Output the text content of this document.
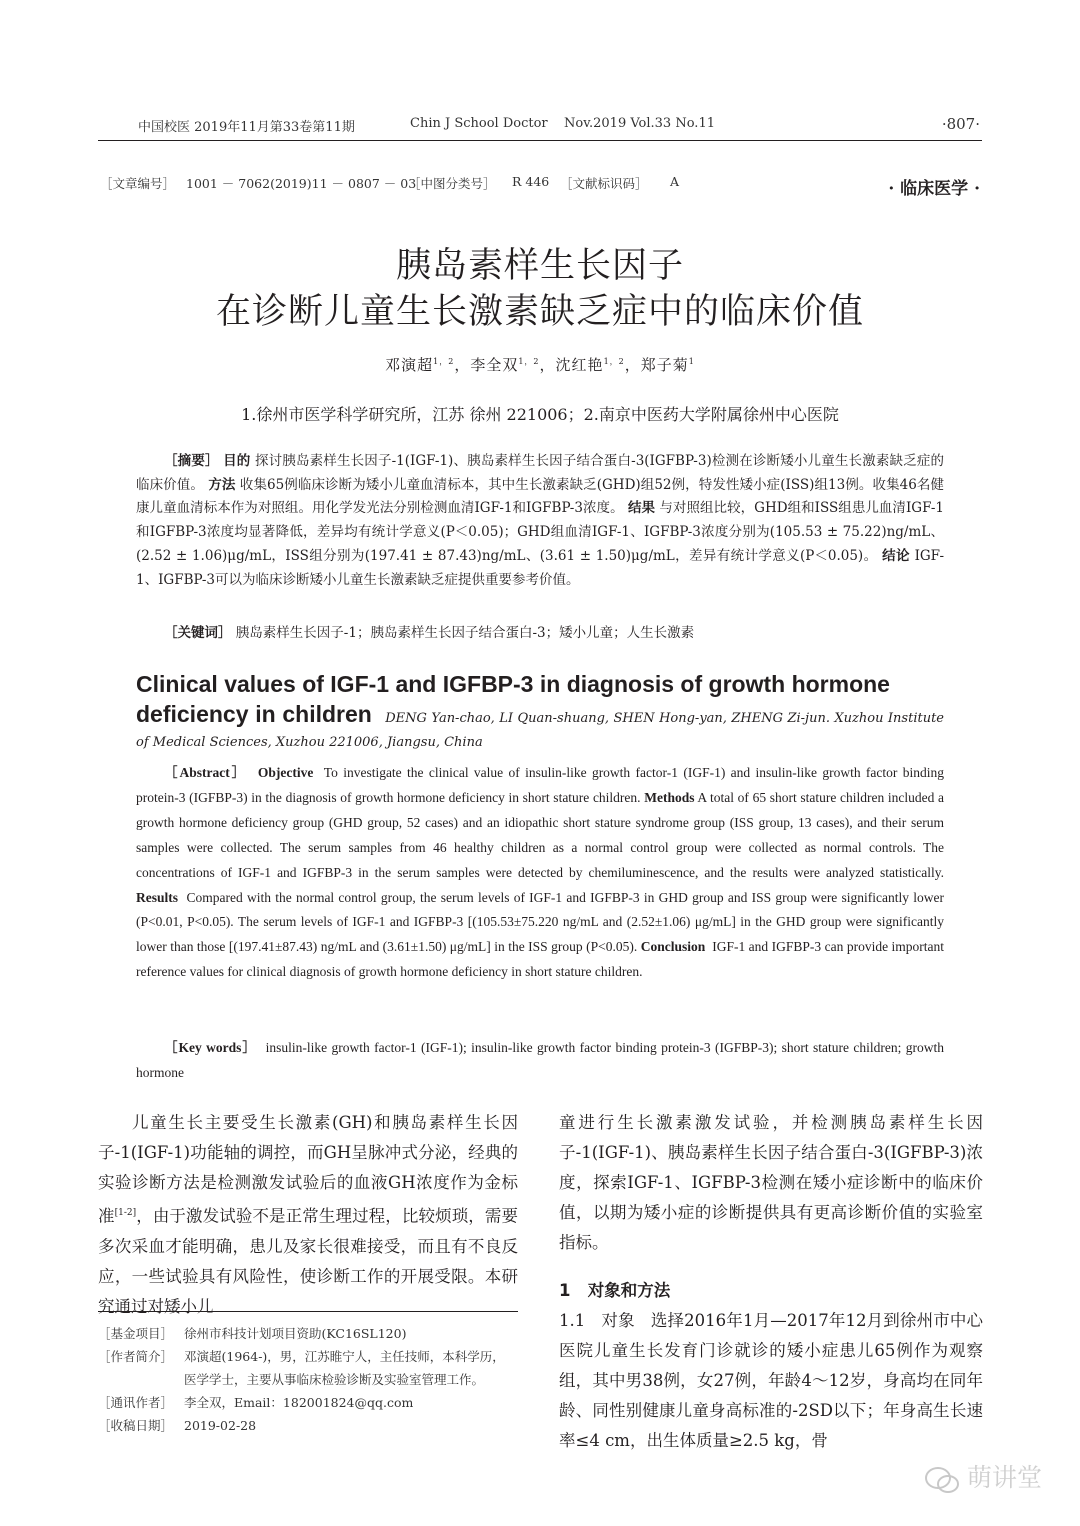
中国校医 2019年11月第33卷第11期	Chin J School Doctor Nov.2019 Vol.33 No.11	·807·
［文章编号］ 1001 － 7062(2019)11 － 0807 － 03
［中图分类号］ R 446 ［文献标识码］ A	· 临床医学 ·
胰岛素样生长因子
在诊断儿童生长激素缺乏症中的临床价值
邓演超$^{1,2}$，李全双$^{1,2}$，沈红艳$^{1,2}$，郑子菊$^1$
1.徐州市医学科学研究所，江苏 徐州 221006；2.南京中医药大学附属徐州中心医院
［摘要］ 目的 探讨胰岛素样生长因子-1(IGF-1)、胰岛素样生长因子结合蛋白-3(IGFBP-3)检测在诊断矮小儿童生长激素缺乏症的临床价值。 方法 收集65例临床诊断为矮小儿童血清标本，其中生长激素缺乏(GHD)组52例，特发性矮小症(ISS)组13例。收集46名健康儿童血清标本作为对照组。用化学发光法分别检测血清IGF-1和IGFBP-3浓度。 结果 与对照组比较，GHD组和ISS组患儿血清IGF-1和IGFBP-3浓度均显著降低，差异均有统计学意义(P＜0.05)；GHD组血清IGF-1、IGFBP-3浓度分别为(105.53 ± 75.22)ng/mL、(2.52 ± 1.06)μg/mL，ISS组分别为(197.41 ± 87.43)ng/mL、(3.61 ± 1.50)μg/mL，差异有统计学意义(P＜0.05)。 结论 IGF-1、IGFBP-3可以为临床诊断矮小儿童生长激素缺乏症提供重要参考价值。
［关键词］ 胰岛素样生长因子-1；胰岛素样生长因子结合蛋白-3；矮小儿童；人生长激素
Clinical values of IGF-1 and IGFBP-3 in diagnosis of growth hormone
deficiency in children DENG Yan-chao, LI Quan-shuang, SHEN Hong-yan, ZHENG Zi-jun. Xuzhou Institute of Medical Sciences, Xuzhou 221006, Jiangsu, China
［Abstract］ Objective To investigate the clinical value of insulin-like growth factor-1 (IGF-1) and insulin-like growth factor binding protein-3 (IGFBP-3) in the diagnosis of growth hormone deficiency in short stature children. Methods A total of 65 short stature children included a growth hormone deficiency group (GHD group, 52 cases) and an idiopathic short stature syndrome group (ISS group, 13 cases), and their serum samples were collected. The serum samples from 46 healthy children as a normal control group were collected as normal controls. The concentrations of IGF-1 and IGFBP-3 in the serum samples were detected by chemiluminescence, and the results were analyzed statistically. Results Compared with the normal control group, the serum levels of IGF-1 and IGFBP-3 in GHD group and ISS group were significantly lower (P<0.01, P<0.05). The serum levels of IGF-1 and IGFBP-3 [(105.53±75.220 ng/mL and (2.52±1.06) μg/mL] in the GHD group were significantly lower than those [(197.41±87.43) ng/mL and (3.61±1.50) μg/mL] in the ISS group (P<0.05). Conclusion IGF-1 and IGFBP-3 can provide important reference values for clinical diagnosis of growth hormone deficiency in short stature children.
［Key words］ insulin-like growth factor-1 (IGF-1); insulin-like growth factor binding protein-3 (IGFBP-3); short stature children; growth hormone
儿童生长主要受生长激素(GH)和胰岛素样生长因子-1(IGF-1)功能轴的调控，而GH呈脉冲式分泌，经典的实验诊断方法是检测激发试验后的血液GH浓度作为金标准[1-2]，由于激发试验不是正常生理过程，比较烦琐，需要多次采血才能明确，患儿及家长很难接受，而且有不良反应，一些试验具有风险性，使诊断工作的开展受限。本研究通过对矮小儿
童进行生长激素激发试验，并检测胰岛素样生长因子-1(IGF-1)、胰岛素样生长因子结合蛋白-3(IGFBP-3)浓度，探索IGF-1、IGFBP-3检测在矮小症诊断中的临床价值，以期为矮小症的诊断提供具有更高诊断价值的实验室指标。
1 对象和方法
1.1 对象 选择2016年1月—2017年12月到徐州市中心医院儿童生长发育门诊就诊的矮小症患儿65例作为观察组，其中男38例，女27例，年龄4～12岁，身高均在同年龄、同性别健康儿童身高标准的-2SD以下；年身高生长速率≤4 cm，出生体质量≥2.5 kg，骨
［基金项目］ 徐州市科技计划项目资助(KC16SL120)
［作者简介］ 邓演超(1964-)，男，江苏睢宁人，主任技师，本科学历，
医学学士，主要从事临床检验诊断及实验室管理工作。
［通讯作者］ 李全双，Email：182001824@qq.com
［收稿日期］ 2019-02-28
萌讲堂
